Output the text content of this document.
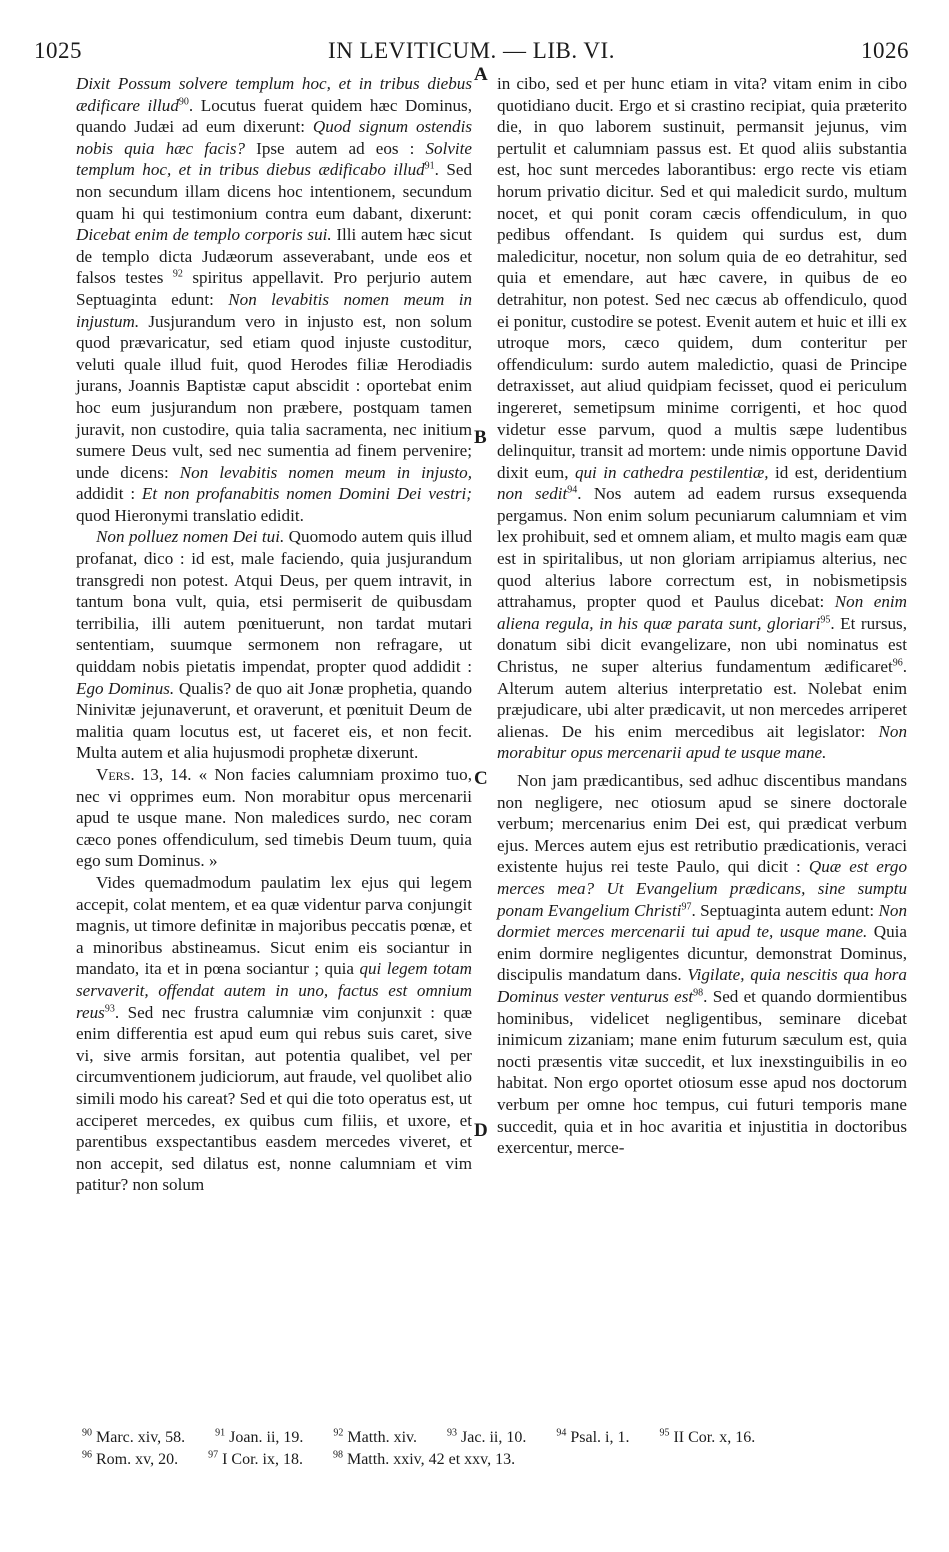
1025	IN LEVITICUM. — LIB. VI.	1026
A
B
C
D

Dixit Possum solvere templum hoc, et in tribus diebus ædificare illud$^{90}$. Locutus fuerat quidem hæc Dominus, quando Judæi ad eum dixerunt: Quod signum ostendis nobis quia hæc facis? Ipse autem ad eos : Solvite templum hoc, et in tribus diebus ædificabo illud$^{91}$. Sed non secundum illam dicens hoc intentionem, secundum quam hi qui testimonium contra eum dabant, dixerunt: Dicebat enim de templo corporis sui. Illi autem hæc sicut de templo dicta Judæorum asseverabant, unde eos et falsos testes $^{92}$ spiritus appellavit. Pro perjurio autem Septuaginta edunt: Non levabitis nomen meum in injustum. Jusjurandum vero in injusto est, non solum quod prævaricatur, sed etiam quod injuste custoditur, veluti quale illud fuit, quod Herodes filiæ Herodiadis jurans, Joannis Baptistæ caput abscidit : oportebat enim hoc eum jusjurandum non præbere, postquam tamen juravit, non custodire, quia talia sacramenta, nec initium sumere Deus vult, sed nec sumentia ad finem pervenire; unde dicens: Non levabitis nomen meum in injusto, addidit : Et non profanabitis nomen Domini Dei vestri; quod Hieronymi translatio edidit.

Non polluez nomen Dei tui. Quomodo autem quis illud profanat, dico : id est, male faciendo, quia jusjurandum transgredi non potest. Atqui Deus, per quem intravit, in tantum bona vult, quia, etsi permiserit de quibusdam terribilia, illi autem pœnituerunt, non tardat mutari sententiam, suumque sermonem non refragare, ut quiddam nobis pietatis impendat, propter quod addidit : Ego Dominus. Qualis? de quo ait Jonæ prophetia, quando Ninivitæ jejunaverunt, et oraverunt, et pœnituit Deum de malitia quam locutus est, ut faceret eis, et non fecit. Multa autem et alia hujusmodi prophetæ dixerunt.

Vers. 13, 14. « Non facies calumniam proximo tuo, nec vi opprimes eum. Non morabitur opus mercenarii apud te usque mane. Non maledices surdo, nec coram cæco pones offendiculum, sed timebis Deum tuum, quia ego sum Dominus. »

Vides quemadmodum paulatim lex ejus qui legem accepit, colat mentem, et ea quæ videntur parva conjungit magnis, ut timore definitæ in majoribus peccatis pœnæ, et a minoribus abstineamus. Sicut enim eis sociantur in mandato, ita et in pœna sociantur ; quia qui legem totam servaverit, offendat autem in uno, factus est omnium reus$^{93}$. Sed nec frustra calumniæ vim conjunxit : quæ enim differentia est apud eum qui rebus suis caret, sive vi, sive armis forsitan, aut potentia qualibet, vel per circumventionem judiciorum, aut fraude, vel quolibet alio simili modo his careat? Sed et qui die toto operatus est, ut acciperet mercedes, ex quibus cum filiis, et uxore, et parentibus exspectantibus easdem mercedes viveret, et non accepit, sed dilatus est, nonne calumniam et vim patitur? non solum

in cibo, sed et per hunc etiam in vita? vitam enim in cibo quotidiano ducit. Ergo et si crastino recipiat, quia præterito die, in quo laborem sustinuit, permansit jejunus, vim pertulit et calumniam passus est. Et quod aliis substantia est, hoc sunt mercedes laborantibus: ergo recte vis etiam horum privatio dicitur. Sed et qui maledicit surdo, multum nocet, et qui ponit coram cæcis offendiculum, in quo pedibus offendant. Is quidem qui surdus est, dum maledicitur, nocetur, non solum quia de eo detrahitur, sed quia et emendare, aut hæc cavere, in quibus de eo detrahitur, non potest. Sed nec cæcus ab offendiculo, quod ei ponitur, custodire se potest. Evenit autem et huic et illi ex utroque mors, cæco quidem, dum conteritur per offendiculum: surdo autem maledictio, quasi de Principe detraxisset, aut aliud quidpiam fecisset, quod ei periculum ingereret, semetipsum minime corrigenti, et hoc quod videtur esse parvum, quod a multis sæpe ludentibus delinquitur, transit ad mortem: unde nimis opportune David dixit eum, qui in cathedra pestilentiæ, id est, deridentium non sedit$^{94}$. Nos autem ad eadem rursus exsequenda pergamus. Non enim solum pecuniarum calumniam et vim lex prohibuit, sed et omnem aliam, et multo magis eam quæ est in spiritalibus, ut non gloriam arripiamus alterius, nec quod alterius labore correctum est, in nobismetipsis attrahamus, propter quod et Paulus dicebat: Non enim aliena regula, in his quæ parata sunt, gloriari$^{95}$. Et rursus, donatum sibi dicit evangelizare, non ubi nominatus est Christus, ne super alterius fundamentum ædificaret$^{96}$. Alterum autem alterius interpretatio est. Nolebat enim præjudicare, ubi alter prædicavit, ut non mercedes arriperet alienas. De his enim mercedibus ait legislator: Non morabitur opus mercenarii apud te usque mane.

Non jam prædicantibus, sed adhuc discentibus mandans non negligere, nec otiosum apud se sinere doctorale verbum; mercenarius enim Dei est, qui prædicat verbum ejus. Merces autem ejus est retributio prædicationis, veraci existente hujus rei teste Paulo, qui dicit : Quæ est ergo merces mea? Ut Evangelium prædicans, sine sumptu ponam Evangelium Christi$^{97}$. Septuaginta autem edunt: Non dormiet merces mercenarii tui apud te, usque mane. Quia enim dormire negligentes dicuntur, demonstrat Dominus, discipulis mandatum dans. Vigilate, quia nescitis qua hora Dominus vester venturus est$^{98}$. Sed et quando dormientibus hominibus, videlicet negligentibus, seminare dicebat inimicum zizaniam; mane enim futurum sæculum est, quia nocti præsentis vitæ succedit, et lux inexstinguibilis in eo habitat. Non ergo oportet otiosum esse apud nos doctorum verbum per omne hoc tempus, cui futuri temporis mane succedit, quia et in hoc avaritia et injustitia in doctoribus exercentur, merce-

$^{90}$ Marc. xiv, 58.	$^{91}$ Joan. ii, 19.	$^{92}$ Matth. xiv.	$^{93}$ Jac. ii, 10.	$^{94}$ Psal. i, 1.	$^{95}$ II Cor. x, 16.
$^{96}$ Rom. xv, 20.	$^{97}$ I Cor. ix, 18.	$^{98}$ Matth. xxiv, 42 et xxv, 13.
